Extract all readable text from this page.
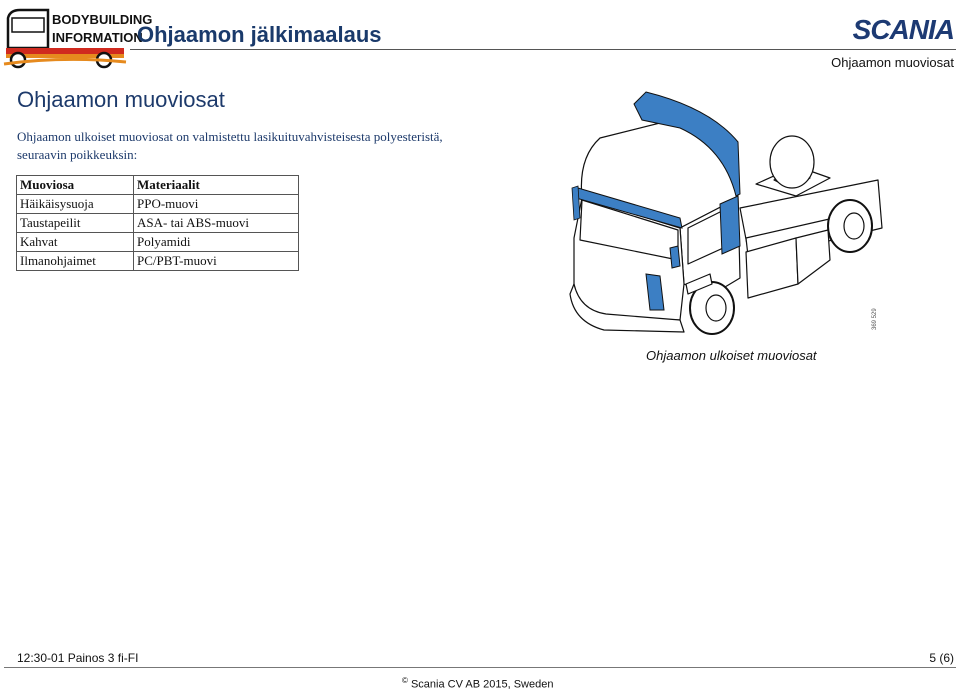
BODYBUILDING
INFORMATION
Ohjaamon jälkimaalaus	SCANIA
Ohjaamon muoviosat
Ohjaamon muoviosat
Ohjaamon ulkoiset muoviosat on valmistettu lasikuituvahvisteisesta polyesteristä,
seuraavin poikkeuksin:
Muoviosa	Materiaalit
Häikäisysuoja	PPO-muovi
Taustapeilit	ASA- tai ABS-muovi
Kahvat	Polyamidi
Ilmanohjaimet	PC/PBT-muovi
Ohjaamon ulkoiset muoviosat
369 529
12:30-01 Painos 3 fi-FI	5 (6)
© Scania CV AB 2015, Sweden
